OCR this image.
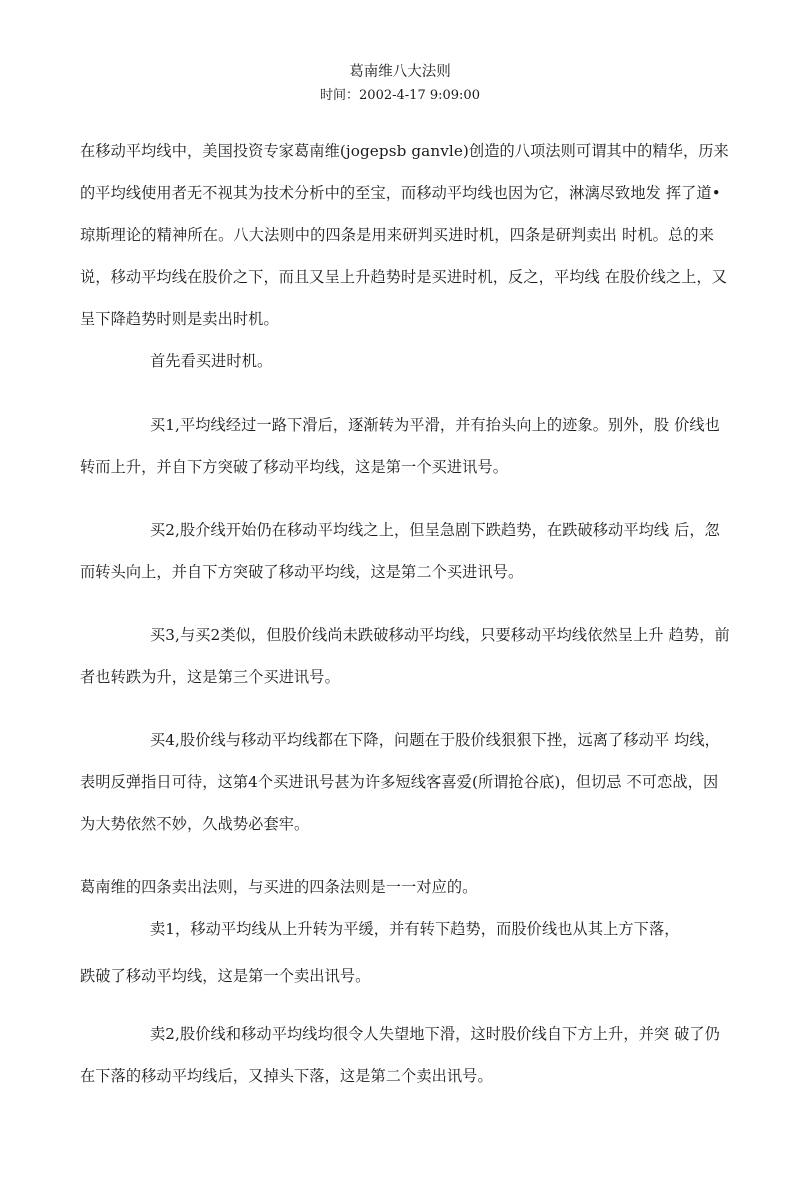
葛南维八大法则
时间：2002-4-17 9:09:00
在移动平均线中，美国投资专家葛南维(jogepsb ganvle)创造的八项法则可谓其中的精华，历来
的平均线使用者无不视其为技术分析中的至宝，而移动平均线也因为它，淋漓尽致地发 挥了道•
琼斯理论的精神所在。八大法则中的四条是用来研判买进时机，四条是研判卖出 时机。总的来
说，移动平均线在股价之下，而且又呈上升趋势时是买进时机，反之，平均线 在股价线之上，又
呈下降趋势时则是卖出时机。
首先看买进时机。
买1,平均线经过一路下滑后，逐渐转为平滑，并有抬头向上的迹象。别外，股 价线也
转而上升，并自下方突破了移动平均线，这是第一个买进讯号。
买2,股介线开始仍在移动平均线之上，但呈急剧下跌趋势，在跌破移动平均线 后，忽
而转头向上，并自下方突破了移动平均线，这是第二个买进讯号。
买3,与买2类似，但股价线尚未跌破移动平均线，只要移动平均线依然呈上升 趋势，前
者也转跌为升，这是第三个买进讯号。
买4,股价线与移动平均线都在下降，问题在于股价线狠狠下挫，远离了移动平 均线，
表明反弹指日可待，这第4个买进讯号甚为许多短线客喜爱(所谓抢谷底)，但切忌 不可恋战，因
为大势依然不妙，久战势必套牢。
葛南维的四条卖出法则，与买进的四条法则是一一对应的。
卖1，移动平均线从上升转为平缓，并有转下趋势，而股价线也从其上方下落，
跌破了移动平均线，这是第一个卖出讯号。
卖2,股价线和移动平均线均很令人失望地下滑，这时股价线自下方上升，并突 破了仍
在下落的移动平均线后，又掉头下落，这是第二个卖出讯号。
